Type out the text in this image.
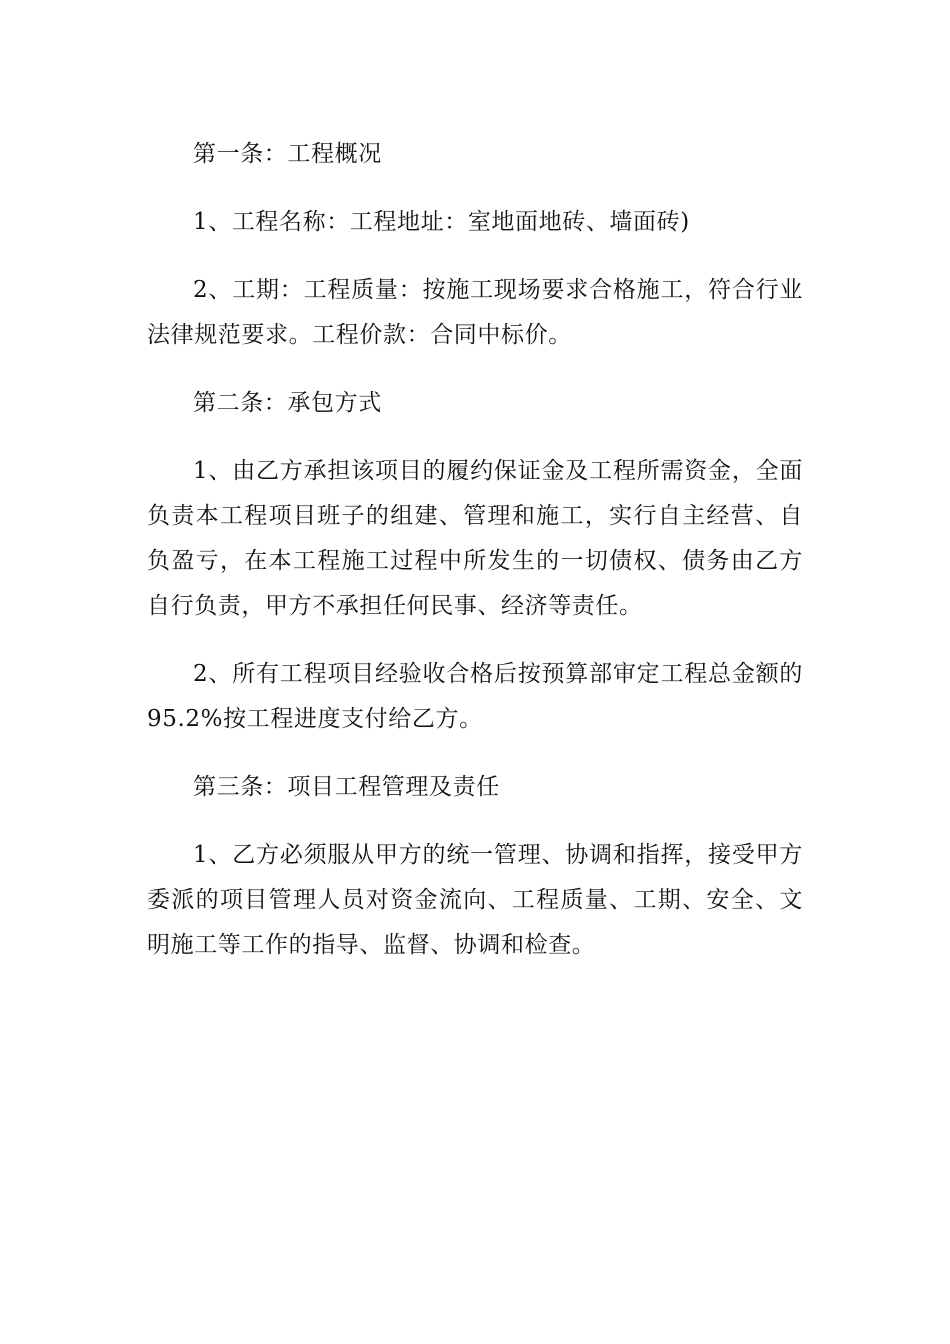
第一条：工程概况

1、工程名称：工程地址：室地面地砖、墙面砖)

2、工期：工程质量：按施工现场要求合格施工，符合行业法律规范要求。工程价款：合同中标价。

第二条：承包方式

1、由乙方承担该项目的履约保证金及工程所需资金，全面负责本工程项目班子的组建、管理和施工，实行自主经营、自负盈亏，在本工程施工过程中所发生的一切债权、债务由乙方自行负责，甲方不承担任何民事、经济等责任。

2、所有工程项目经验收合格后按预算部审定工程总金额的95.2%按工程进度支付给乙方。

第三条：项目工程管理及责任

1、乙方必须服从甲方的统一管理、协调和指挥，接受甲方委派的项目管理人员对资金流向、工程质量、工期、安全、文明施工等工作的指导、监督、协调和检查。
